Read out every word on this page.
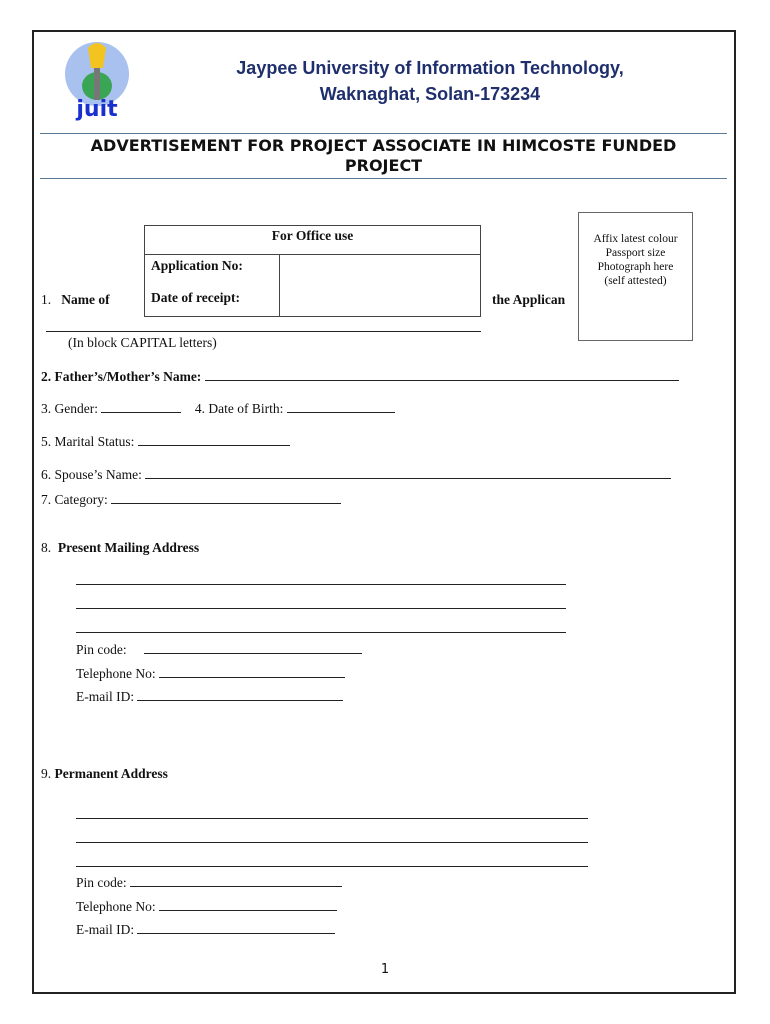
juit
Jaypee University of Information Technology,
Waknaghat, Solan-173234
ADVERTISEMENT FOR PROJECT ASSOCIATE IN HIMCOSTE FUNDED
PROJECT
For Office use
Application No:
Date of receipt:
Affix latest colour
Passport size
Photograph here
(self attested)
1. Name of	the Applican
(In block CAPITAL letters)
2. Father’s/Mother’s Name:
3. Gender:	4. Date of Birth:
5. Marital Status:
6. Spouse’s Name:
7. Category:
8. Present Mailing Address
Pin code:
Telephone No:
E-mail ID:
9. Permanent Address
Pin code:
Telephone No:
E-mail ID:
1
